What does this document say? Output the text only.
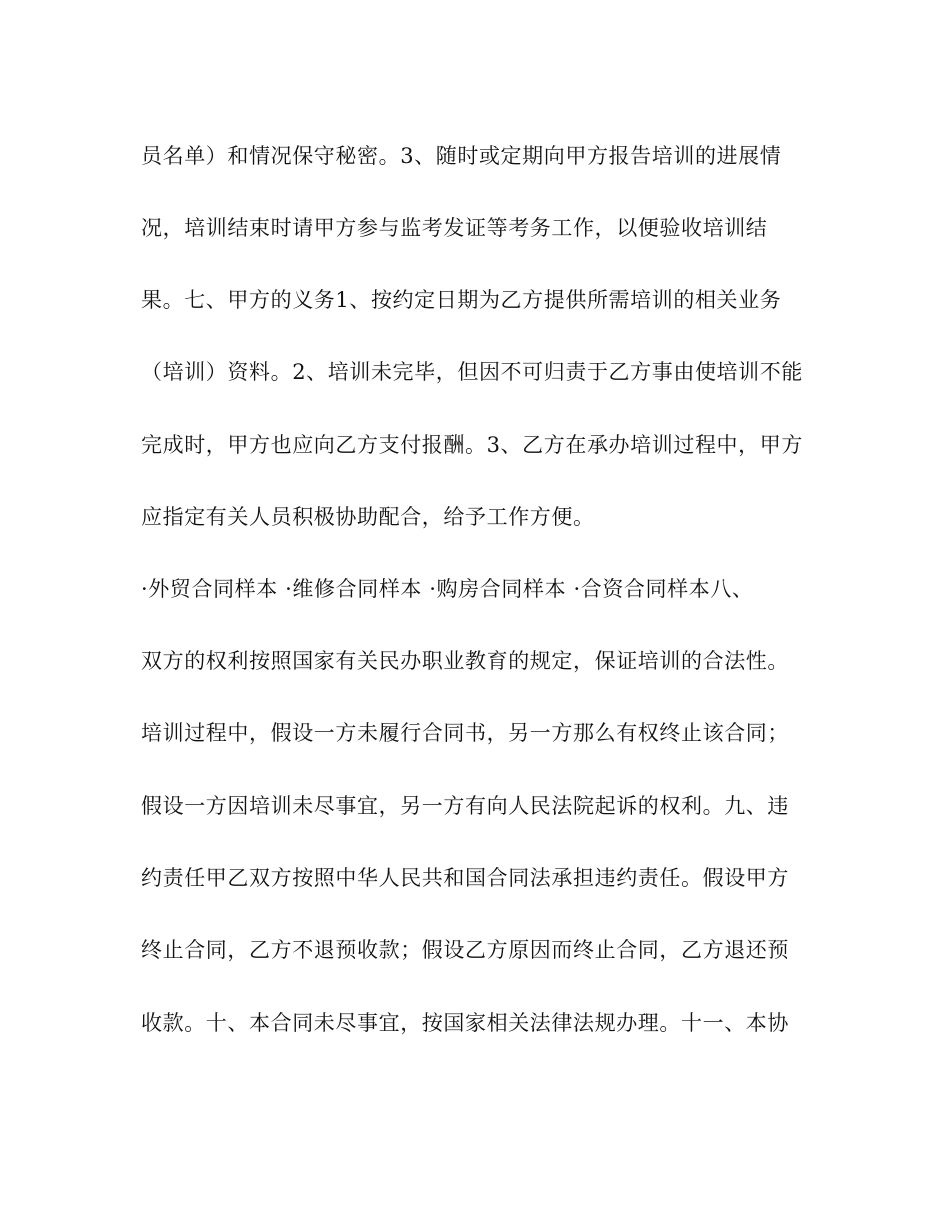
员名单）和情况保守秘密。3、随时或定期向甲方报告培训的进展情
况，培训结束时请甲方参与监考发证等考务工作，以便验收培训结
果。七、甲方的义务1、按约定日期为乙方提供所需培训的相关业务
（培训）资料。2、培训未完毕，但因不可归责于乙方事由使培训不能
完成时，甲方也应向乙方支付报酬。3、乙方在承办培训过程中，甲方
应指定有关人员积极协助配合，给予工作方便。
·外贸合同样本 ·维修合同样本 ·购房合同样本 ·合资合同样本八、
双方的权利按照国家有关民办职业教育的规定，保证培训的合法性。
培训过程中，假设一方未履行合同书，另一方那么有权终止该合同；
假设一方因培训未尽事宜，另一方有向人民法院起诉的权利。九、违
约责任甲乙双方按照中华人民共和国合同法承担违约责任。假设甲方
终止合同，乙方不退预收款；假设乙方原因而终止合同，乙方退还预
收款。十、本合同未尽事宜，按国家相关法律法规办理。十一、本协
